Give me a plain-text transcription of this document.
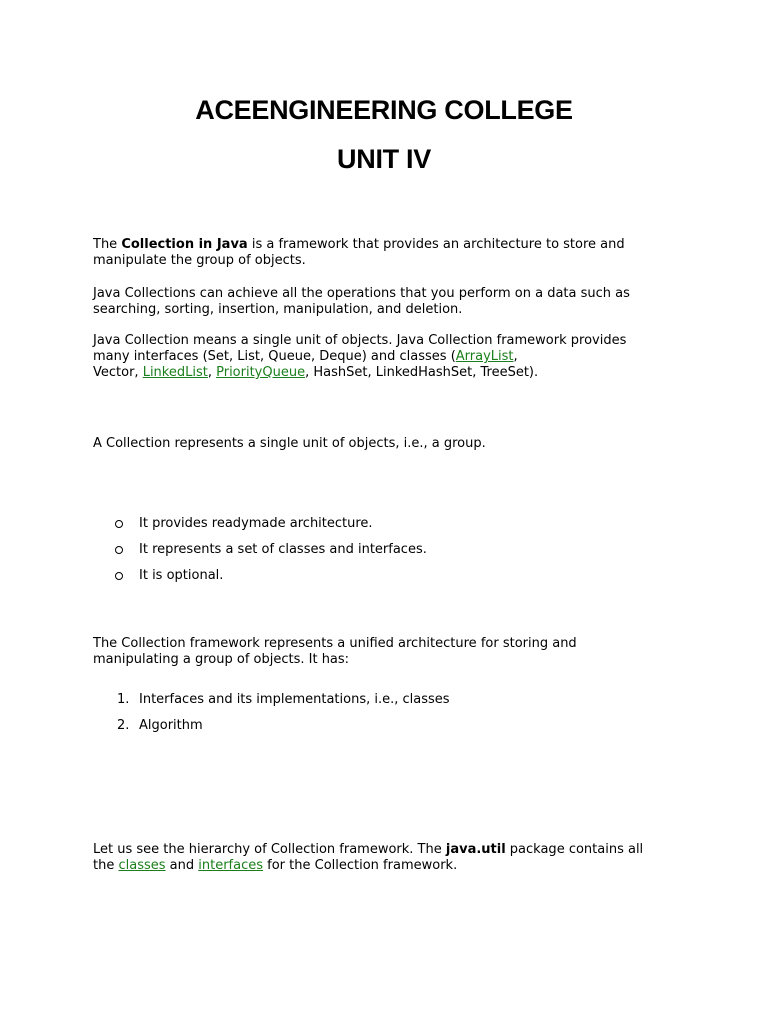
ACEENGINEERING COLLEGE
UNIT IV

The Collection in Java is a framework that provides an architecture to store and
manipulate the group of objects.

Java Collections can achieve all the operations that you perform on a data such as
searching, sorting, insertion, manipulation, and deletion.

Java Collection means a single unit of objects. Java Collection framework provides
many interfaces (Set, List, Queue, Deque) and classes (ArrayList,
Vector, LinkedList, PriorityQueue, HashSet, LinkedHashSet, TreeSet).

A Collection represents a single unit of objects, i.e., a group.

It provides readymade architecture.
It represents a set of classes and interfaces.
It is optional.

The Collection framework represents a unified architecture for storing and
manipulating a group of objects. It has:

1. Interfaces and its implementations, i.e., classes
2. Algorithm

Let us see the hierarchy of Collection framework. The java.util package contains all
the classes and interfaces for the Collection framework.
